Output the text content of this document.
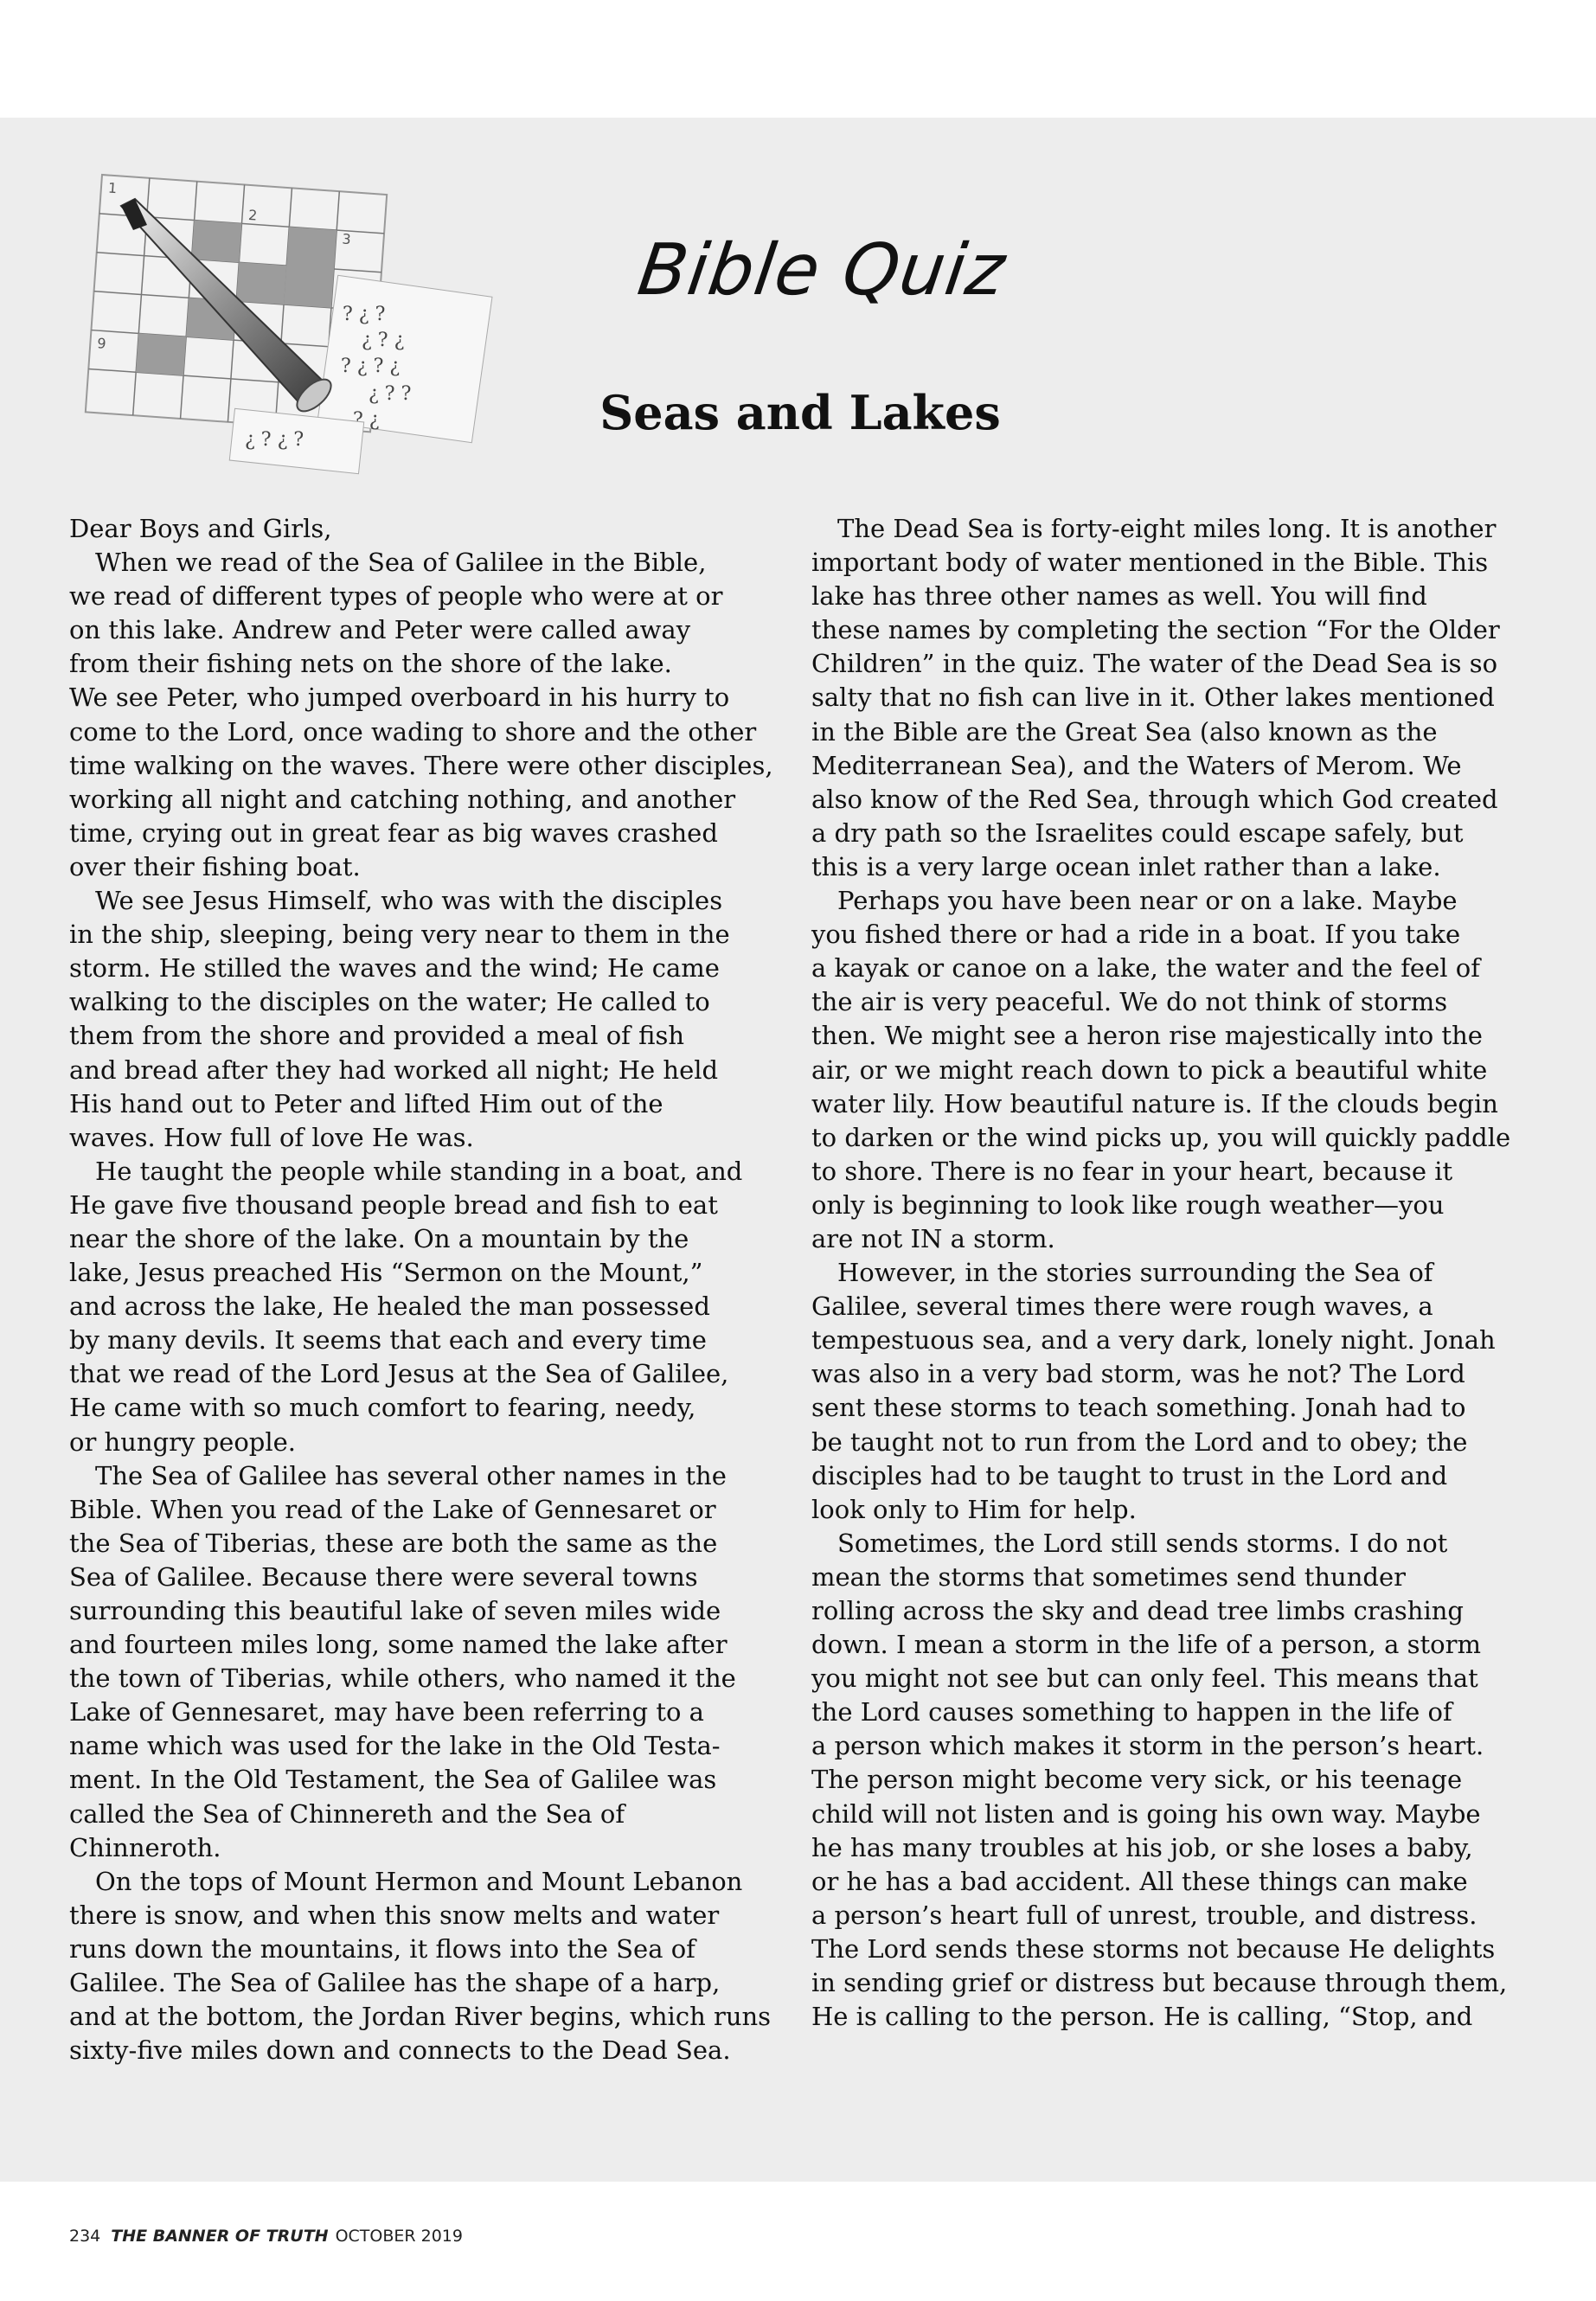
1
2
3
9
? ¿ ?
¿ ? ¿
? ¿ ? ¿
¿ ? ?
? ¿
¿ ? ¿ ?
Bible Quiz
Seas and Lakes

Dear Boys and Girls,

When we read of the Sea of Galilee in the Bible,
we read of different types of people who were at or
on this lake. Andrew and Peter were called away
from their fishing nets on the shore of the lake.
We see Peter, who jumped overboard in his hurry to
come to the Lord, once wading to shore and the other
time walking on the waves. There were other disciples,
working all night and catching nothing, and another
time, crying out in great fear as big waves crashed
over their fishing boat.

We see Jesus Himself, who was with the disciples
in the ship, sleeping, being very near to them in the
storm. He stilled the waves and the wind; He came
walking to the disciples on the water; He called to
them from the shore and provided a meal of fish
and bread after they had worked all night; He held
His hand out to Peter and lifted Him out of the
waves. How full of love He was.

He taught the people while standing in a boat, and
He gave five thousand people bread and fish to eat
near the shore of the lake. On a mountain by the
lake, Jesus preached His “Sermon on the Mount,”
and across the lake, He healed the man possessed
by many devils. It seems that each and every time
that we read of the Lord Jesus at the Sea of Galilee,
He came with so much comfort to fearing, needy,
or hungry people.

The Sea of Galilee has several other names in the
Bible. When you read of the Lake of Gennesaret or
the Sea of Tiberias, these are both the same as the
Sea of Galilee. Because there were several towns
surrounding this beautiful lake of seven miles wide
and fourteen miles long, some named the lake after
the town of Tiberias, while others, who named it the
Lake of Gennesaret, may have been referring to a
name which was used for the lake in the Old Testa-
ment. In the Old Testament, the Sea of Galilee was
called the Sea of Chinnereth and the Sea of Chinneroth.

On the tops of Mount Hermon and Mount Lebanon
there is snow, and when this snow melts and water
runs down the mountains, it flows into the Sea of
Galilee. The Sea of Galilee has the shape of a harp,
and at the bottom, the Jordan River begins, which runs
sixty-five miles down and connects to the Dead Sea.

The Dead Sea is forty-eight miles long. It is another
important body of water mentioned in the Bible. This
lake has three other names as well. You will find
these names by completing the section “For the Older
Children” in the quiz. The water of the Dead Sea is so
salty that no fish can live in it. Other lakes mentioned
in the Bible are the Great Sea (also known as the
Mediterranean Sea), and the Waters of Merom. We
also know of the Red Sea, through which God created
a dry path so the Israelites could escape safely, but
this is a very large ocean inlet rather than a lake.

Perhaps you have been near or on a lake. Maybe
you fished there or had a ride in a boat. If you take
a kayak or canoe on a lake, the water and the feel of
the air is very peaceful. We do not think of storms
then. We might see a heron rise majestically into the
air, or we might reach down to pick a beautiful white
water lily. How beautiful nature is. If the clouds begin
to darken or the wind picks up, you will quickly paddle
to shore. There is no fear in your heart, because it
only is beginning to look like rough weather—you
are not IN a storm.

However, in the stories surrounding the Sea of
Galilee, several times there were rough waves, a
tempestuous sea, and a very dark, lonely night. Jonah
was also in a very bad storm, was he not? The Lord
sent these storms to teach something. Jonah had to
be taught not to run from the Lord and to obey; the
disciples had to be taught to trust in the Lord and
look only to Him for help.

Sometimes, the Lord still sends storms. I do not
mean the storms that sometimes send thunder
rolling across the sky and dead tree limbs crashing
down. I mean a storm in the life of a person, a storm
you might not see but can only feel. This means that
the Lord causes something to happen in the life of
a person which makes it storm in the person’s heart.
The person might become very sick, or his teenage
child will not listen and is going his own way. Maybe
he has many troubles at his job, or she loses a baby,
or he has a bad accident. All these things can make
a person’s heart full of unrest, trouble, and distress.
The Lord sends these storms not because He delights
in sending grief or distress but because through them,
He is calling to the person. He is calling, “Stop, and

234 THE BANNER OF TRUTH OCTOBER 2019
